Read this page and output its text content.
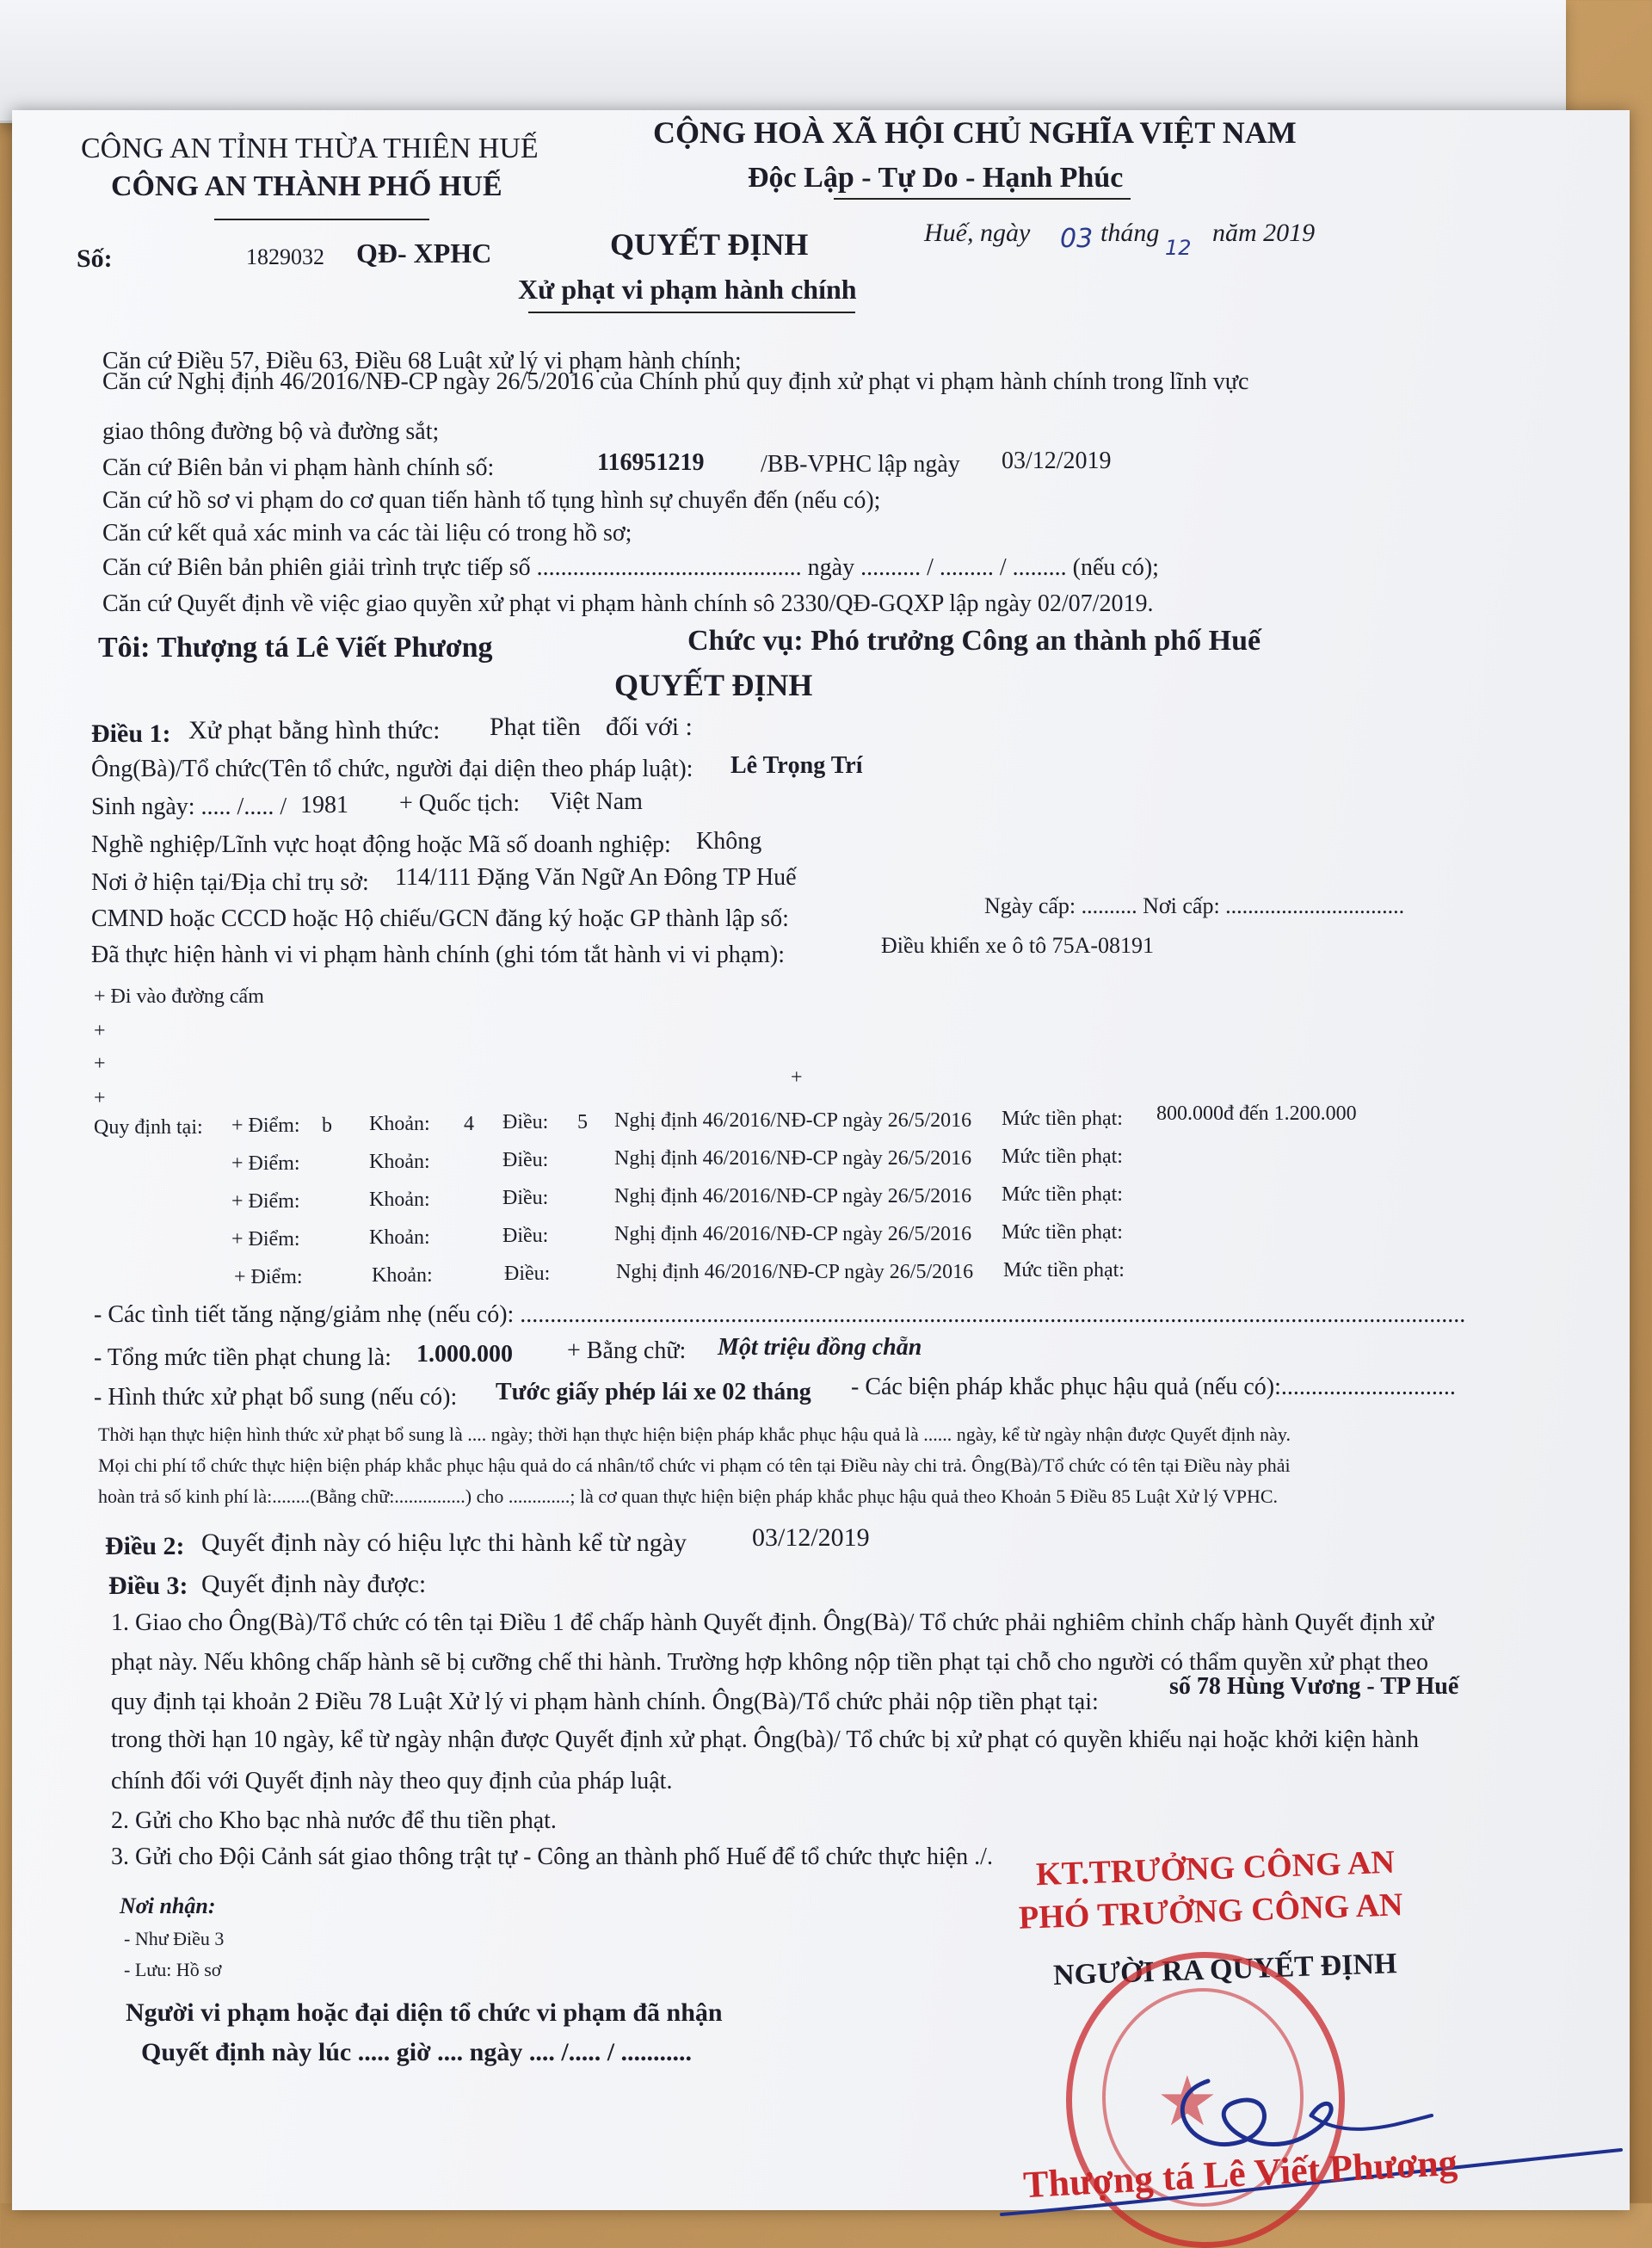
CÔNG AN TỈNH THỪA THIÊN HUẾ
CÔNG AN THÀNH PHỐ HUẾ
CỘNG HOÀ XÃ HỘI CHỦ NGHĨA VIỆT NAM
Độc Lập - Tự Do - Hạnh Phúc
Số:	1829032 QĐ- XPHC	QUYẾT ĐỊNH	Huế, ngày 03 tháng
12
năm 2019
Xử phạt vi phạm hành chính
Căn cứ Điều 57, Điều 63, Điều 68 Luật xử lý vi phạm hành chính;
Căn cứ Nghị định 46/2016/NĐ-CP ngày 26/5/2016 của Chính phủ quy định xử phạt vi phạm hành chính trong lĩnh vực
giao thông đường bộ và đường sắt;
Căn cứ Biên bản vi phạm hành chính số:	116951219 /BB-VPHC lập ngày 03/12/2019
Căn cứ hồ sơ vi phạm do cơ quan tiến hành tố tụng hình sự chuyển đến (nếu có);
Căn cứ kết quả xác minh va các tài liệu có trong hồ sơ;
Căn cứ Biên bản phiên giải trình trực tiếp số ............................................ ngày .......... / ......... / ......... (nếu có);
Căn cứ Quyết định về việc giao quyền xử phạt vi phạm hành chính sô 2330/QĐ-GQXP lập ngày 02/07/2019.
Tôi: Thượng tá Lê Viết Phương	Chức vụ: Phó trưởng Công an thành phố Huế
QUYẾT ĐỊNH
Điều 1: Xử phạt bằng hình thức: Phạt tiền đối với :
Ông(Bà)/Tổ chức(Tên tổ chức, người đại diện theo pháp luật): Lê Trọng Trí
Sinh ngày: ..... /..... / 1981 + Quốc tịch: Việt Nam
Nghề nghiệp/Lĩnh vực hoạt động hoặc Mã số doanh nghiệp: Không
Nơi ở hiện tại/Địa chỉ trụ sở: 114/111 Đặng Văn Ngữ An Đông TP Huế
CMND hoặc CCCD hoặc Hộ chiếu/GCN đăng ký hoặc GP thành lập số:	Ngày cấp: .......... Nơi cấp: ................................
Đã thực hiện hành vi vi phạm hành chính (ghi tóm tắt hành vi vi phạm):	Điều khiển xe ô tô 75A-08191
+ Đi vào đường cấm
+
+
+
+
Quy định tại: + Điểm: b Khoản: 4 Điều: 5 Nghị định 46/2016/NĐ-CP ngày 26/5/2016 Mức tiền phạt: 800.000đ đến 1.200.000
+ Điểm:	Khoản:	Điều:	Nghị định 46/2016/NĐ-CP ngày 26/5/2016 Mức tiền phạt:
+ Điểm:	Khoản:	Điều:	Nghị định 46/2016/NĐ-CP ngày 26/5/2016 Mức tiền phạt:
+ Điểm:	Khoản:	Điều:	Nghị định 46/2016/NĐ-CP ngày 26/5/2016 Mức tiền phạt:
+ Điểm:	Khoản:	Điều:	Nghị định 46/2016/NĐ-CP ngày 26/5/2016 Mức tiền phạt:
- Các tình tiết tăng nặng/giảm nhẹ (nếu có): .............................................................................................................................................................
- Tổng mức tiền phạt chung là: 1.000.000 + Bằng chữ: Một triệu đồng chẵn
- Hình thức xử phạt bổ sung (nếu có): Tước giấy phép lái xe 02 tháng - Các biện pháp khắc phục hậu quả (nếu có):.............................
Thời hạn thực hiện hình thức xử phạt bổ sung là .... ngày; thời hạn thực hiện biện pháp khắc phục hậu quả là ...... ngày, kể từ ngày nhận được Quyết định này.
Mọi chi phí tổ chức thực hiện biện pháp khắc phục hậu quả do cá nhân/tổ chức vi phạm có tên tại Điều này chi trả. Ông(Bà)/Tổ chức có tên tại Điều này phải
hoàn trả số kinh phí là:........(Bằng chữ:...............) cho .............; là cơ quan thực hiện biện pháp khắc phục hậu quả theo Khoản 5 Điều 85 Luật Xử lý VPHC.
Điều 2: Quyết định này có hiệu lực thi hành kể từ ngày	03/12/2019
Điều 3: Quyết định này được:
1. Giao cho Ông(Bà)/Tổ chức có tên tại Điều 1 để chấp hành Quyết định. Ông(Bà)/ Tổ chức phải nghiêm chỉnh chấp hành Quyết định xử
phạt này. Nếu không chấp hành sẽ bị cưỡng chế thi hành. Trường hợp không nộp tiền phạt tại chỗ cho người có thẩm quyền xử phạt theo
quy định tại khoản 2 Điều 78 Luật Xử lý vi phạm hành chính. Ông(Bà)/Tổ chức phải nộp tiền phạt tại:
số 78 Hùng Vương - TP Huế
trong thời hạn 10 ngày, kể từ ngày nhận được Quyết định xử phạt. Ông(bà)/ Tổ chức bị xử phạt có quyền khiếu nại hoặc khởi kiện hành
chính đối với Quyết định này theo quy định của pháp luật.
2. Gửi cho Kho bạc nhà nước để thu tiền phạt.
3. Gửi cho Đội Cảnh sát giao thông trật tự - Công an thành phố Huế để tổ chức thực hiện ./.
Nơi nhận:
- Như Điều 3
- Lưu: Hồ sơ
Người vi phạm hoặc đại diện tổ chức vi phạm đã nhận
Quyết định này lúc ..... giờ .... ngày .... /..... / ...........
KT.TRƯỞNG CÔNG AN
PHÓ TRƯỞNG CÔNG AN
NGƯỜI RA QUYẾT ĐỊNH
★
Thượng tá Lê Viết Phương
